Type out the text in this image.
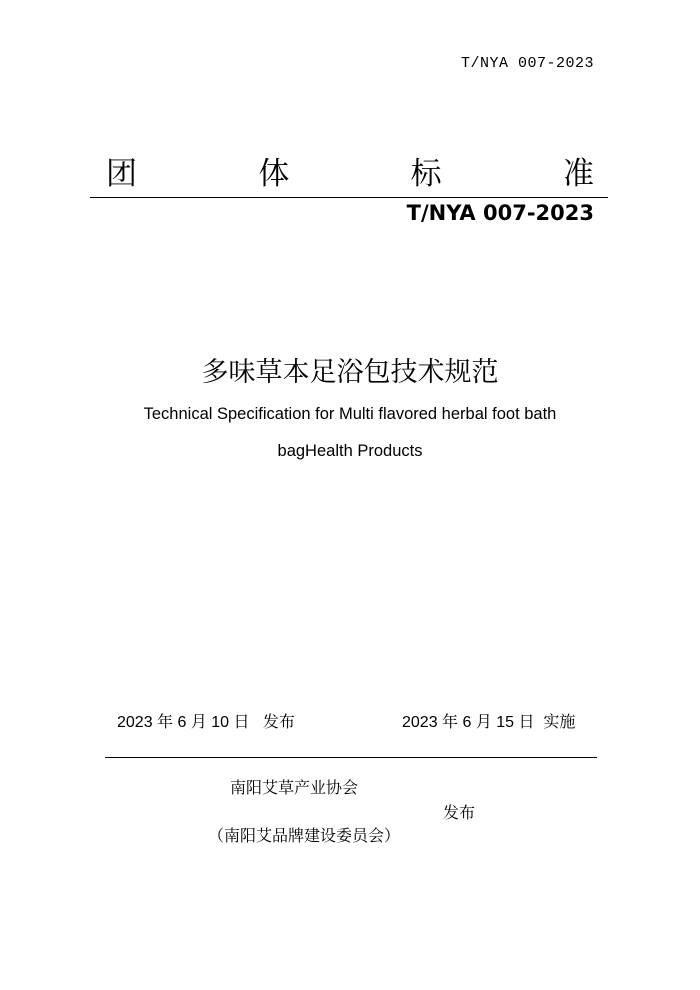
T/NYA 007-2023
团	体	标	准
T/NYA 007-2023
多味草本足浴包技术规范
Technical Specification for Multi flavored herbal foot bath
bagHealth Products
2023 年 6 月 10 日   发布	2023 年 6 月 15 日  实施
南阳艾草产业协会
发布
（南阳艾品牌建设委员会）
